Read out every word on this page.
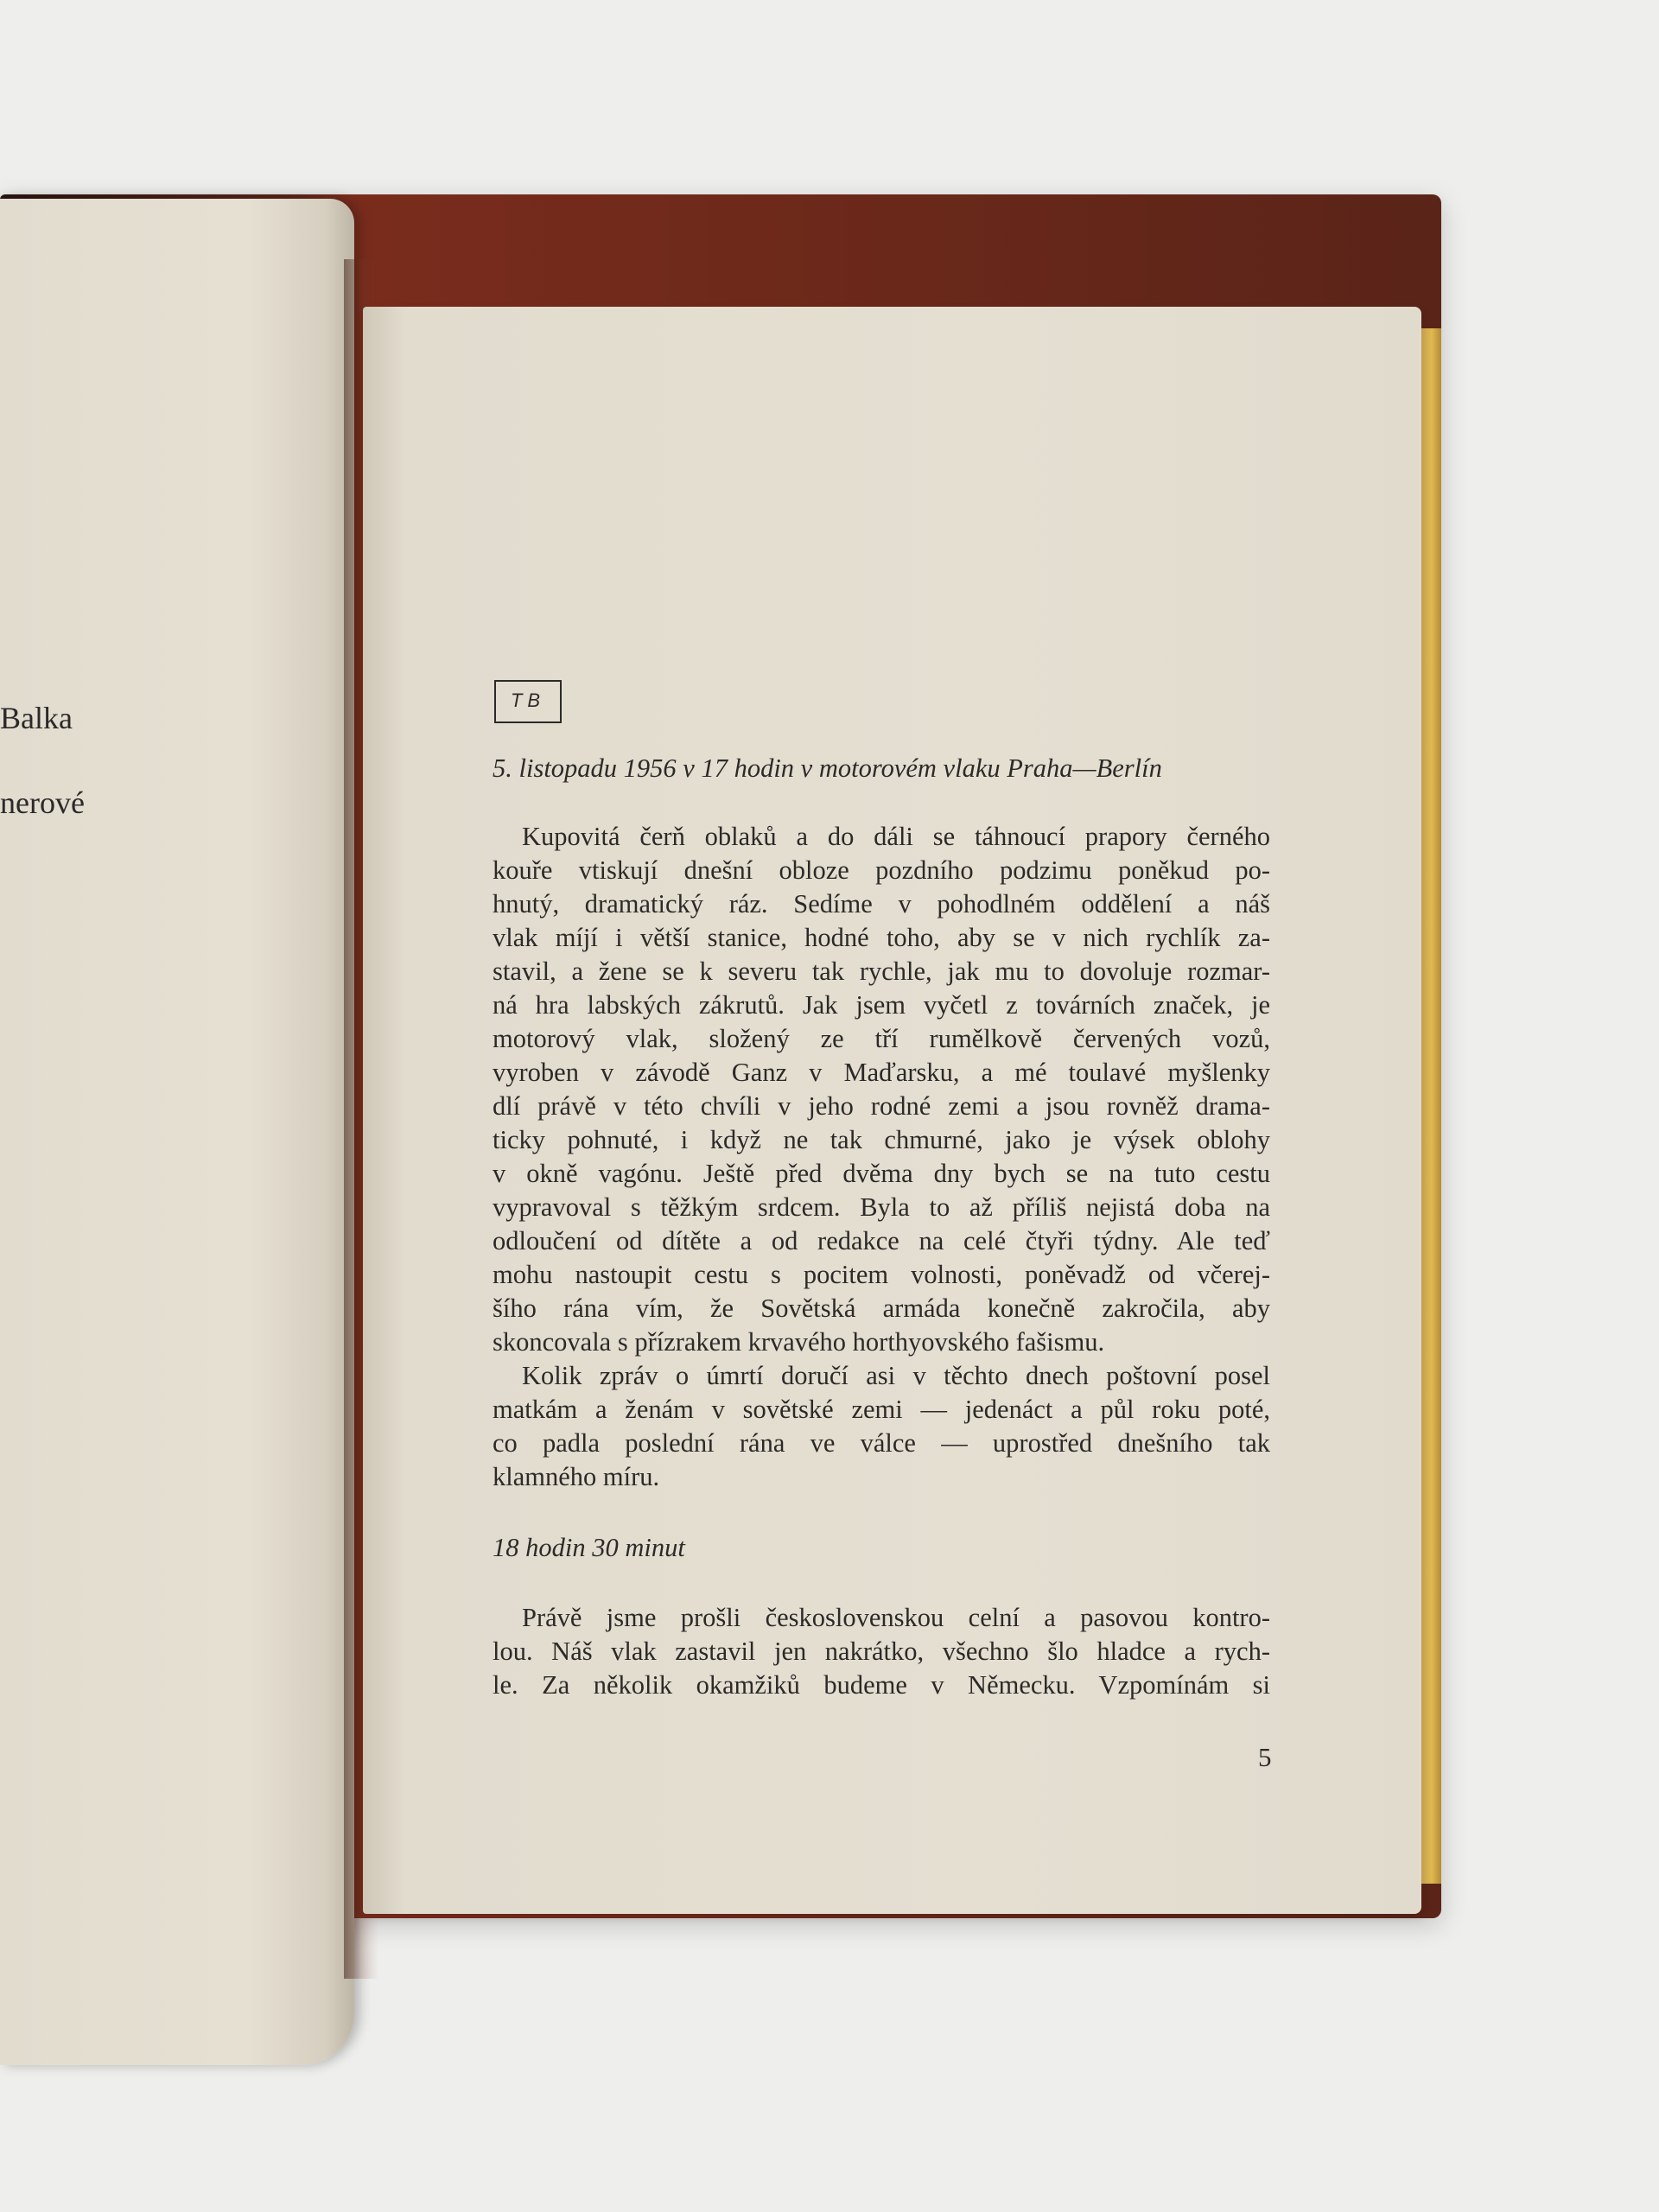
Balka
nerové
TB
5. listopadu 1956 v 17 hodin v motorovém vlaku Praha—Berlín
Kupovitá čerň oblaků a do dáli se táhnoucí prapory černého
kouře vtiskují dnešní obloze pozdního podzimu poněkud po-
hnutý, dramatický ráz. Sedíme v pohodlném oddělení a náš
vlak míjí i větší stanice, hodné toho, aby se v nich rychlík za-
stavil, a žene se k severu tak rychle, jak mu to dovoluje rozmar-
ná hra labských zákrutů. Jak jsem vyčetl z továrních značek, je
motorový vlak, složený ze tří rumělkově červených vozů,
vyroben v závodě Ganz v Maďarsku, a mé toulavé myšlenky
dlí právě v této chvíli v jeho rodné zemi a jsou rovněž drama-
ticky pohnuté, i když ne tak chmurné, jako je výsek oblohy
v okně vagónu. Ještě před dvěma dny bych se na tuto cestu
vypravoval s těžkým srdcem. Byla to až příliš nejistá doba na
odloučení od dítěte a od redakce na celé čtyři týdny. Ale teď
mohu nastoupit cestu s pocitem volnosti, poněvadž od včerej-
šího rána vím, že Sovětská armáda konečně zakročila, aby
skoncovala s přízrakem krvavého horthyovského fašismu.
Kolik zpráv o úmrtí doručí asi v těchto dnech poštovní posel
matkám a ženám v sovětské zemi — jedenáct a půl roku poté,
co padla poslední rána ve válce — uprostřed dnešního tak
klamného míru.
18 hodin 30 minut
Právě jsme prošli československou celní a pasovou kontro-
lou. Náš vlak zastavil jen nakrátko, všechno šlo hladce a rych-
le. Za několik okamžiků budeme v Německu. Vzpomínám si
5
